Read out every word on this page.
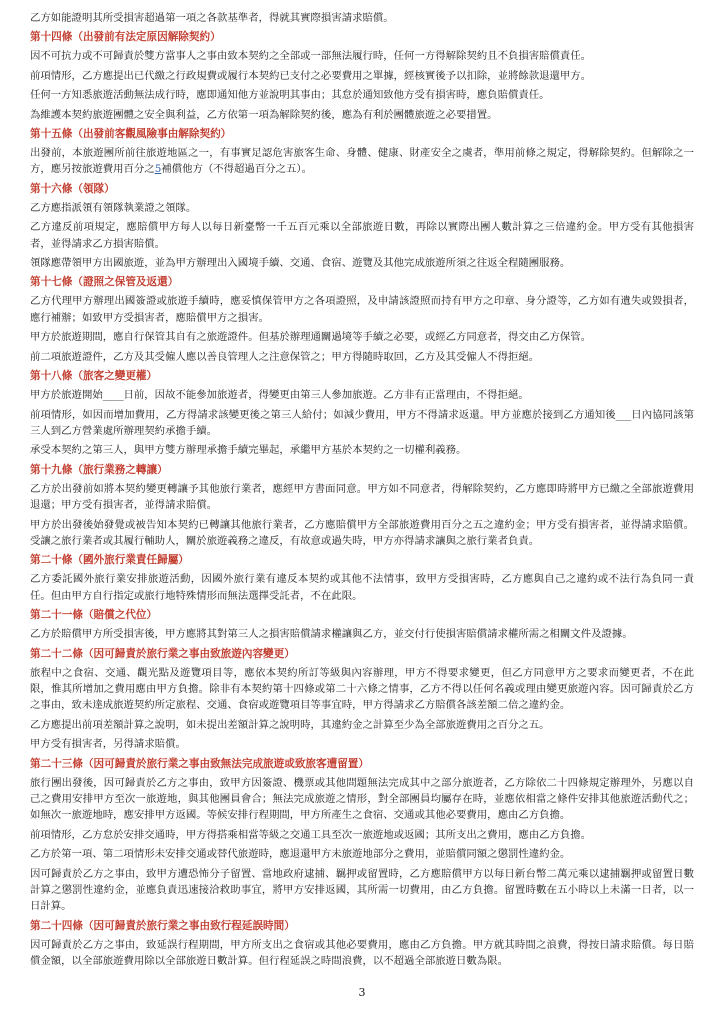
乙方如能證明其所受損害超過第一項之各款基準者，得就其實際損害請求賠償。
第十四條（出發前有法定原因解除契約）
因不可抗力或不可歸責於雙方當事人之事由致本契約之全部或一部無法履行時，任何一方得解除契約且不負損害賠償責任。
前項情形，乙方應提出已代繳之行政規費或履行本契約已支付之必要費用之單據，經核實後予以扣除，並將餘款退還甲方。
任何一方知悉旅遊活動無法成行時，應即通知他方並說明其事由；其怠於通知致他方受有損害時，應負賠償責任。
為維護本契約旅遊團體之安全與利益，乙方依第一項為解除契約後，應為有利於團體旅遊之必要措置。
第十五條（出發前客觀風險事由解除契約）
出發前，本旅遊團所前往旅遊地區之一，有事實足認危害旅客生命、身體、健康、財產安全之虞者，準用前條之規定，得解除契約。但解除之一方，應另按旅遊費用百分之5補償他方（不得超過百分之五）。
第十六條（領隊）
乙方應指派領有領隊執業證之領隊。
乙方違反前項規定，應賠償甲方每人以每日新臺幣一千五百元乘以全部旅遊日數，再除以實際出團人數計算之三倍違約金。甲方受有其他損害者，並得請求乙方損害賠償。
領隊應帶領甲方出國旅遊，並為甲方辦理出入國境手續、交通、食宿、遊覽及其他完成旅遊所須之往返全程隨團服務。
第十七條（證照之保管及返還）
乙方代理甲方辦理出國簽證或旅遊手續時，應妥慎保管甲方之各項證照，及申請該證照而持有甲方之印章、身分證等，乙方如有遺失或毀損者，應行補辦；如致甲方受損害者，應賠償甲方之損害。
甲方於旅遊期間，應自行保管其自有之旅遊證件。但基於辦理通關過境等手續之必要，或經乙方同意者，得交由乙方保管。
前二項旅遊證件，乙方及其受僱人應以善良管理人之注意保管之；甲方得隨時取回，乙方及其受僱人不得拒絕。
第十八條（旅客之變更權）
甲方於旅遊開始____日前，因故不能參加旅遊者，得變更由第三人參加旅遊。乙方非有正當理由，不得拒絕。
前項情形，如因而增加費用，乙方得請求該變更後之第三人給付；如減少費用，甲方不得請求返還。甲方並應於接到乙方通知後___日內協同該第三人到乙方營業處所辦理契約承擔手續。
承受本契約之第三人，與甲方雙方辦理承擔手續完畢起，承繼甲方基於本契約之一切權利義務。
第十九條（旅行業務之轉讓）
乙方於出發前如將本契約變更轉讓予其他旅行業者，應經甲方書面同意。甲方如不同意者，得解除契約，乙方應即時將甲方已繳之全部旅遊費用退還；甲方受有損害者，並得請求賠償。
甲方於出發後始發覺或被告知本契約已轉讓其他旅行業者，乙方應賠償甲方全部旅遊費用百分之五之違約金；甲方受有損害者，並得請求賠償。受讓之旅行業者或其履行輔助人，關於旅遊義務之違反，有故意或過失時，甲方亦得請求讓與之旅行業者負責。
第二十條（國外旅行業責任歸屬）
乙方委託國外旅行業安排旅遊活動，因國外旅行業有違反本契約或其他不法情事，致甲方受損害時，乙方應與自己之違約或不法行為負同一責任。但由甲方自行指定或旅行地特殊情形而無法選擇受託者，不在此限。
第二十一條（賠償之代位）
乙方於賠償甲方所受損害後，甲方應將其對第三人之損害賠償請求權讓與乙方，並交付行使損害賠償請求權所需之相關文件及證據。
第二十二條（因可歸責於旅行業之事由致旅遊內容變更）
旅程中之食宿、交通、觀光點及遊覽項目等，應依本契約所訂等級與內容辦理，甲方不得要求變更，但乙方同意甲方之要求而變更者，不在此限，惟其所增加之費用應由甲方負擔。除非有本契約第十四條或第二十六條之情事，乙方不得以任何名義或理由變更旅遊內容。因可歸責於乙方之事由，致未達成旅遊契約所定旅程、交通、食宿或遊覽項目等事宜時，甲方得請求乙方賠償各該差額二倍之違約金。
乙方應提出前項差額計算之說明，如未提出差額計算之說明時，其違約金之計算至少為全部旅遊費用之百分之五。
甲方受有損害者，另得請求賠償。
第二十三條（因可歸責於旅行業之事由致無法完成旅遊或致旅客遭留置）
旅行團出發後，因可歸責於乙方之事由，致甲方因簽證、機票或其他問題無法完成其中之部分旅遊者，乙方除依二十四條規定辦理外，另應以自己之費用安排甲方至次一旅遊地，與其他團員會合；無法完成旅遊之情形，對全部團員均屬存在時，並應依相當之條件安排其他旅遊活動代之；如無次一旅遊地時，應安排甲方返國。等候安排行程期間，甲方所產生之食宿、交通或其他必要費用，應由乙方負擔。
前項情形，乙方怠於安排交通時，甲方得搭乘相當等級之交通工具至次一旅遊地或返國；其所支出之費用，應由乙方負擔。
乙方於第一項、第二項情形未安排交通或替代旅遊時，應退還甲方未旅遊地部分之費用，並賠償同額之懲罰性違約金。
因可歸責於乙方之事由，致甲方遭恐怖分子留置、當地政府逮捕、羈押或留置時，乙方應賠償甲方以每日新台幣二萬元乘以逮捕羈押或留置日數計算之懲罰性違約金，並應負責迅速接洽救助事宜，將甲方安排返國，其所需一切費用，由乙方負擔。留置時數在五小時以上未滿一日者，以一日計算。
第二十四條（因可歸責於旅行業之事由致行程延誤時間）
因可歸責於乙方之事由，致延誤行程期間，甲方所支出之食宿或其他必要費用，應由乙方負擔。甲方就其時間之浪費，得按日請求賠償。每日賠償金額，以全部旅遊費用除以全部旅遊日數計算。但行程延誤之時間浪費，以不超過全部旅遊日數為限。
3
